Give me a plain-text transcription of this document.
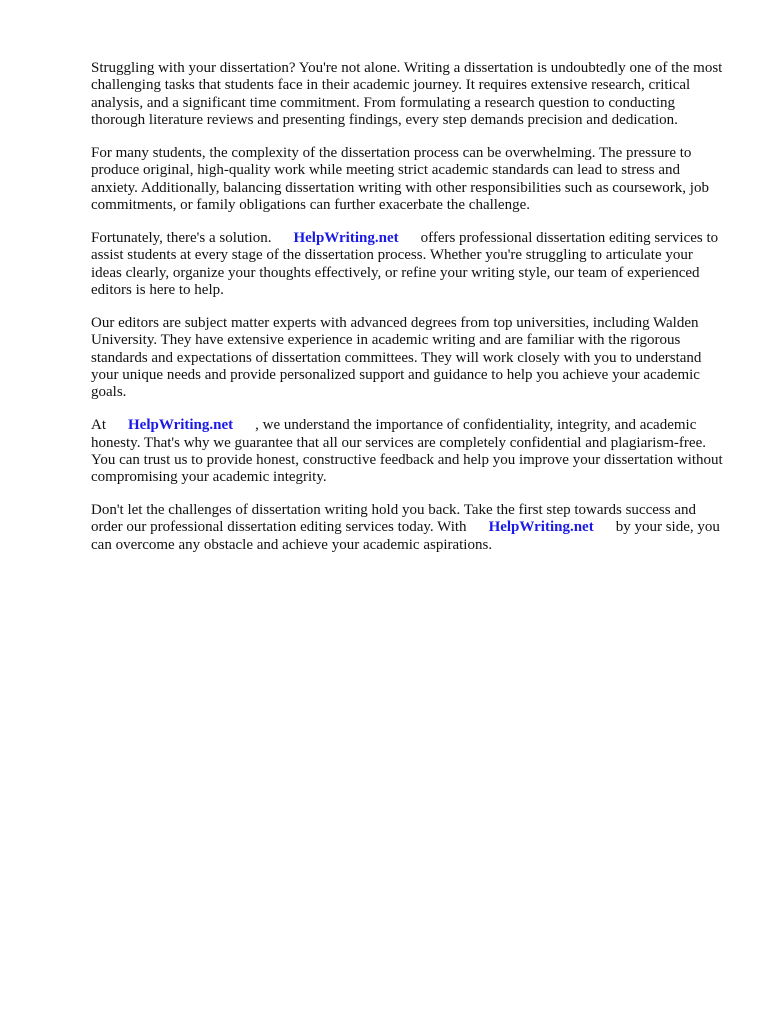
Struggling with your dissertation? You're not alone. Writing a dissertation is undoubtedly one of the most challenging tasks that students face in their academic journey. It requires extensive research, critical analysis, and a significant time commitment. From formulating a research question to conducting thorough literature reviews and presenting findings, every step demands precision and dedication.

For many students, the complexity of the dissertation process can be overwhelming. The pressure to produce original, high-quality work while meeting strict academic standards can lead to stress and anxiety. Additionally, balancing dissertation writing with other responsibilities such as coursework, job commitments, or family obligations can further exacerbate the challenge.

Fortunately, there's a solution. HelpWriting.net offers professional dissertation editing services to assist students at every stage of the dissertation process. Whether you're struggling to articulate your ideas clearly, organize your thoughts effectively, or refine your writing style, our team of experienced editors is here to help.

Our editors are subject matter experts with advanced degrees from top universities, including Walden University. They have extensive experience in academic writing and are familiar with the rigorous standards and expectations of dissertation committees. They will work closely with you to understand your unique needs and provide personalized support and guidance to help you achieve your academic goals.

At HelpWriting.net , we understand the importance of confidentiality, integrity, and academic honesty. That's why we guarantee that all our services are completely confidential and plagiarism-free. You can trust us to provide honest, constructive feedback and help you improve your dissertation without compromising your academic integrity.

Don't let the challenges of dissertation writing hold you back. Take the first step towards success and order our professional dissertation editing services today. With HelpWriting.net by your side, you can overcome any obstacle and achieve your academic aspirations.
